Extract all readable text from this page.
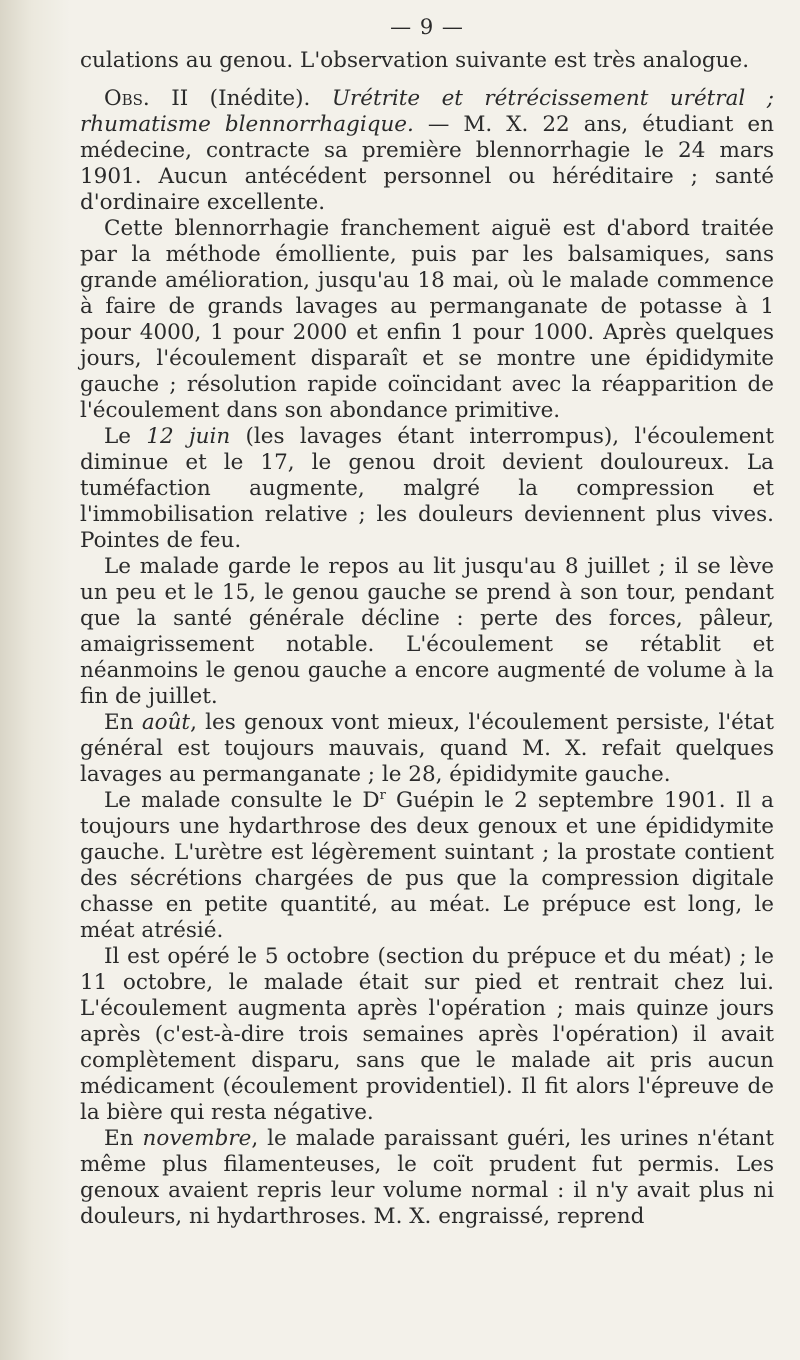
— 9 —

culations au genou. L'observation suivante est très analogue.

Obs. II (Inédite). Urétrite et rétrécissement urétral ; rhumatisme blennorrhagique. — M. X. 22 ans, étudiant en médecine, contracte sa première blennorrhagie le 24 mars 1901. Aucun antécédent personnel ou héréditaire ; santé d'ordinaire excellente.

Cette blennorrhagie franchement aiguë est d'abord traitée par la méthode émolliente, puis par les balsamiques, sans grande amélioration, jusqu'au 18 mai, où le malade commence à faire de grands lavages au permanganate de potasse à 1 pour 4000, 1 pour 2000 et enfin 1 pour 1000. Après quelques jours, l'écoulement disparaît et se montre une épididymite gauche ; résolution rapide coïncidant avec la réapparition de l'écoulement dans son abondance primitive.

Le 12 juin (les lavages étant interrompus), l'écoulement diminue et le 17, le genou droit devient douloureux. La tuméfaction augmente, malgré la compression et l'immobilisation relative ; les douleurs deviennent plus vives. Pointes de feu.

Le malade garde le repos au lit jusqu'au 8 juillet ; il se lève un peu et le 15, le genou gauche se prend à son tour, pendant que la santé générale décline : perte des forces, pâleur, amaigrissement notable. L'écoulement se rétablit et néanmoins le genou gauche a encore augmenté de volume à la fin de juillet.

En août, les genoux vont mieux, l'écoulement persiste, l'état général est toujours mauvais, quand M. X. refait quelques lavages au permanganate ; le 28, épididymite gauche.

Le malade consulte le $D^r$ Guépin le 2 septembre 1901. Il a toujours une hydarthrose des deux genoux et une épididymite gauche. L'urètre est légèrement suintant ; la prostate contient des sécrétions chargées de pus que la compression digitale chasse en petite quantité, au méat. Le prépuce est long, le méat atrésié.

Il est opéré le 5 octobre (section du prépuce et du méat) ; le 11 octobre, le malade était sur pied et rentrait chez lui. L'écoulement augmenta après l'opération ; mais quinze jours après (c'est-à-dire trois semaines après l'opération) il avait complètement disparu, sans que le malade ait pris aucun médicament (écoulement providentiel). Il fit alors l'épreuve de la bière qui resta négative.

En novembre, le malade paraissant guéri, les urines n'étant même plus filamenteuses, le coït prudent fut permis. Les genoux avaient repris leur volume normal : il n'y avait plus ni douleurs, ni hydarthroses. M. X. engraissé, reprend
